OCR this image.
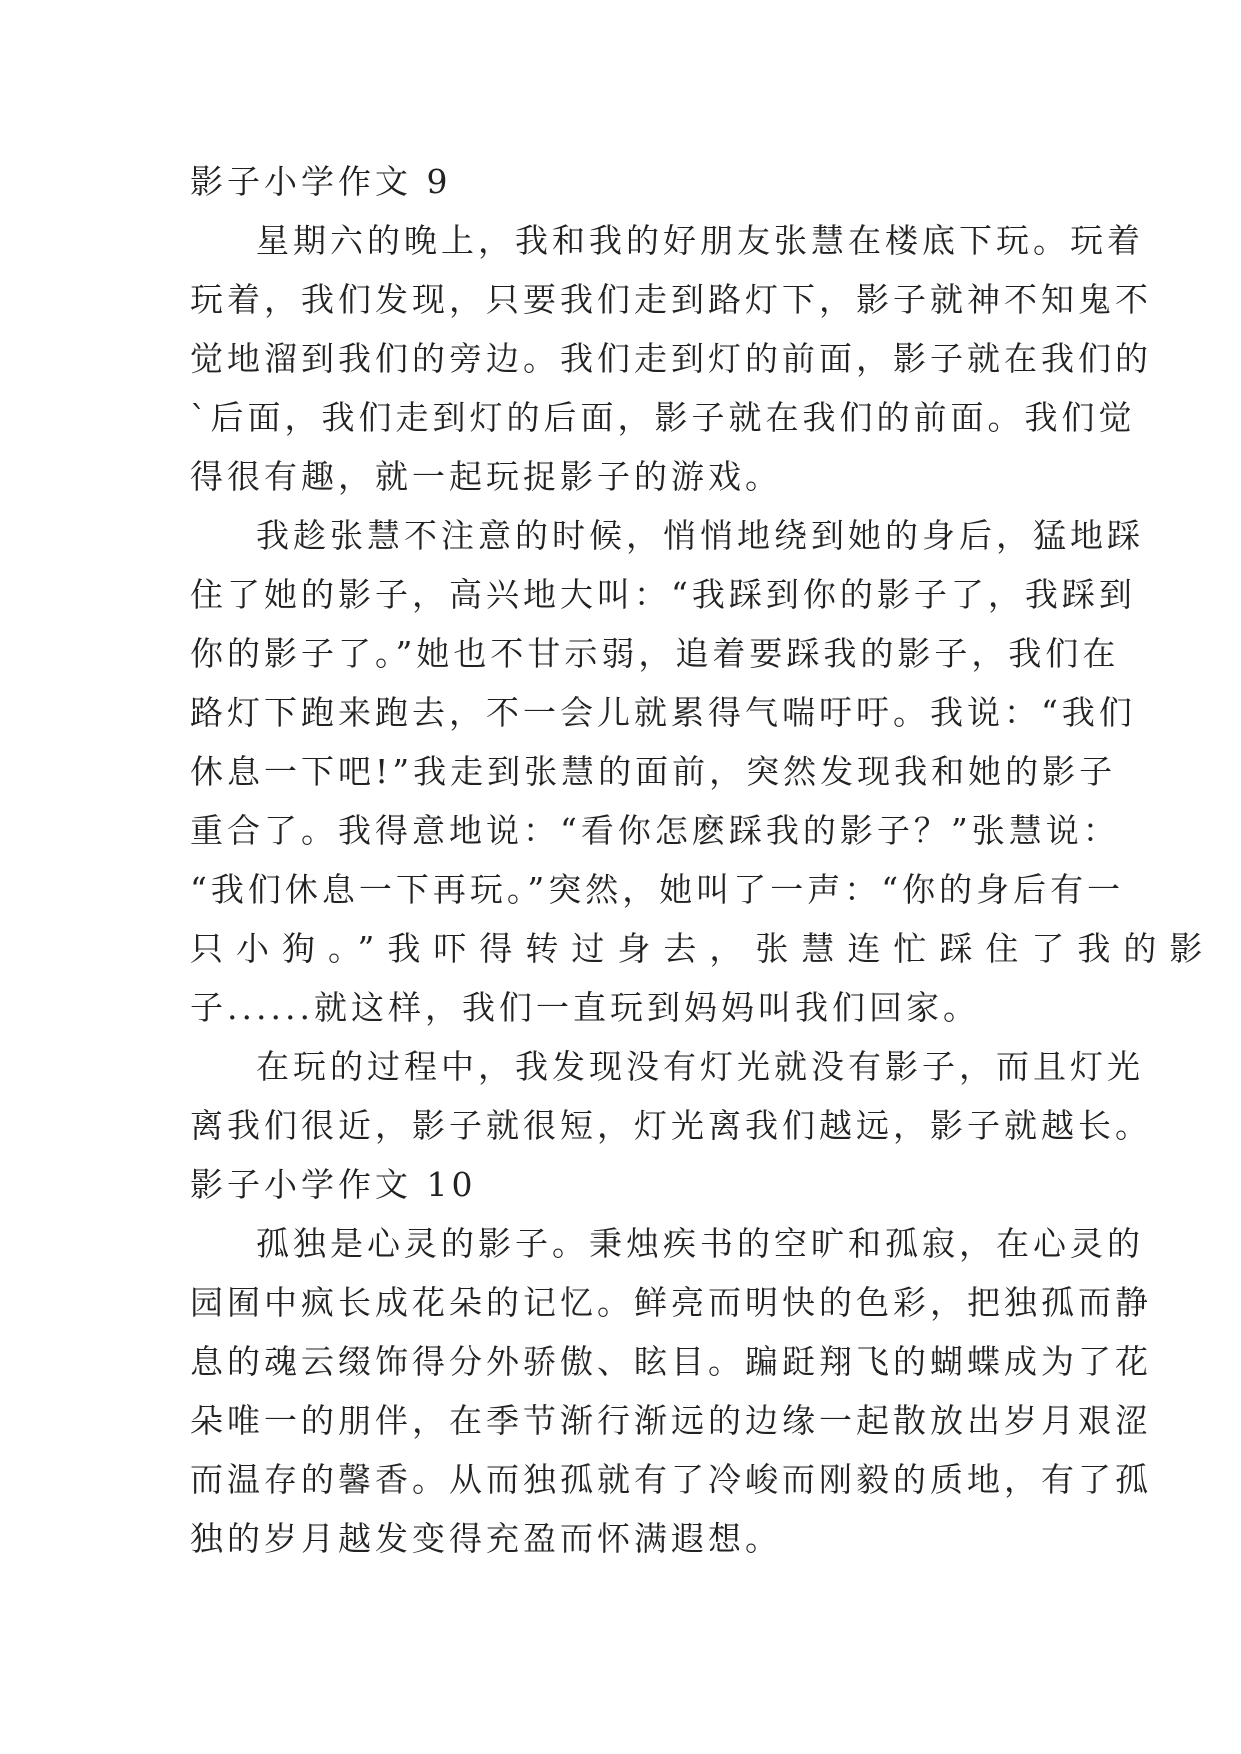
影子小学作文 9
星期六的晚上，我和我的好朋友张慧在楼底下玩。玩着
玩着，我们发现，只要我们走到路灯下，影子就神不知鬼不
觉地溜到我们的旁边。我们走到灯的前面，影子就在我们的
`后面，我们走到灯的后面，影子就在我们的前面。我们觉
得很有趣，就一起玩捉影子的游戏。
我趁张慧不注意的时候，悄悄地绕到她的身后，猛地踩
住了她的影子，高兴地大叫：“我踩到你的影子了，我踩到
你的影子了。”她也不甘示弱，追着要踩我的影子，我们在
路灯下跑来跑去，不一会儿就累得气喘吁吁。我说：“我们
休息一下吧!”我走到张慧的面前，突然发现我和她的影子
重合了。我得意地说：“看你怎麽踩我的影子？”张慧说：
“我们休息一下再玩。”突然，她叫了一声：“你的身后有一
只小狗。”我吓得转过身去，张慧连忙踩住了我的影
子......就这样，我们一直玩到妈妈叫我们回家。
在玩的过程中，我发现没有灯光就没有影子，而且灯光
离我们很近，影子就很短，灯光离我们越远，影子就越长。
影子小学作文 10
孤独是心灵的影子。秉烛疾书的空旷和孤寂，在心灵的
园囿中疯长成花朵的记忆。鲜亮而明快的色彩，把独孤而静
息的魂云缀饰得分外骄傲、眩目。蹁跹翔飞的蝴蝶成为了花
朵唯一的朋伴，在季节渐行渐远的边缘一起散放出岁月艰涩
而温存的馨香。从而独孤就有了冷峻而刚毅的质地，有了孤
独的岁月越发变得充盈而怀满遐想。
